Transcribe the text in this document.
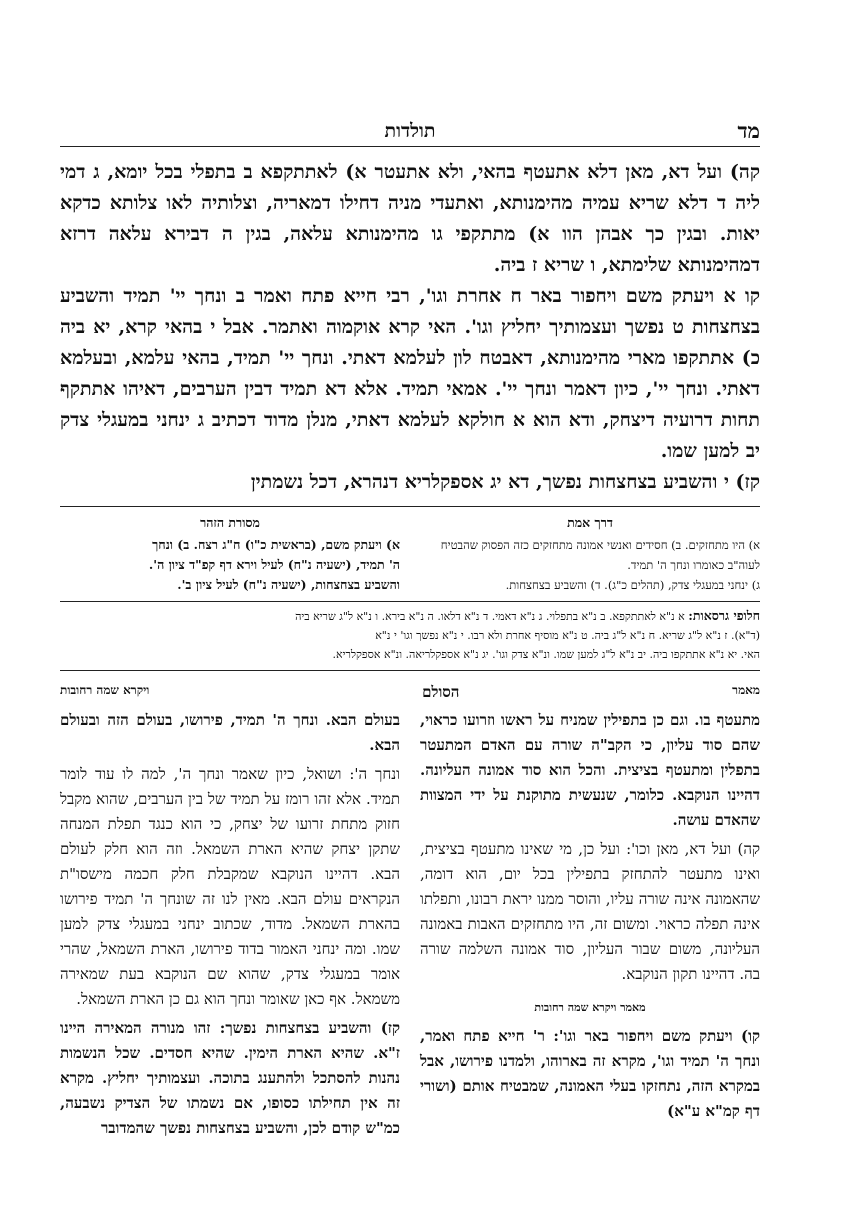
מד
תולדות

קה) ועל דא, מאן דלא אתעטף בהאי, ולא אתעטר א) לאתתקפא ב בתפלי בכל יומא, ג דמי ליה ד דלא שריא עמיה מהימנותא, ואתעדי מניה דחילו דמאריה, וצלותיה לאו צלותא כדקא יאות. ובגין כך אבהן הוו א) מתתקפי גו מהימנותא עלאה, בגין ה דבירא עלאה דרזא דמהימנותא שלימתא, ו שריא ז ביה.

קו א ויעתק משם ויחפור באר ח אחרת וגו', רבי חייא פתח ואמר ב ונחך יי' תמיד והשביע בצחצחות ט נפשך ועצמותיך יחליץ וגו'. האי קרא אוקמוה ואתמר. אבל י בהאי קרא, יא ביה כ) אתתקפו מארי מהימנותא, דאבטח לון לעלמא דאתי. ונחך יי' תמיד, בהאי עלמא, ובעלמא דאתי. ונחך יי', כיון דאמר ונחך יי'. אמאי תמיד. אלא דא תמיד דבין הערבים, דאיהו אתתקף תחות דרועיה דיצחק, ודא הוא א חולקא לעלמא דאתי, מנלן מדוד דכתיב ג ינחני במעגלי צדק יב למען שמו.

קז) י והשביע בצחצחות נפשך, דא יג אספקלריא דנהרא, דכל נשמתין

דרך אמת
א) היו מתחזקים. ב) חסידים ואנשי אמונה מתחזקים כזה הפסוק שהבטיח לעוה"ב כאומרו ונחך ה' תמיד.
ג) ינחני במעגלי צדק, (תהלים כ"ג). ד) והשביע בצחצחות.
מסורת הזהר
א) ויעתק משם, (בראשית כ"ו) ח"ג רצח. ב) ונחך
ה' תמיד, (ישעיה נ"ח) לעיל וירא דף קפ"ד ציון ה'.
והשביע בצחצחות, (ישעיה נ"ח) לעיל ציון ב'.
חלופי גרסאות: א נ"א לאתתקפא. ב נ"א בתפלוי. ג נ"א דאמי. ד נ"א דלאו. ה נ"א בירא. ו נ"א ל"ג שריא ביה
(ד"א). ז נ"א ל"ג שריא. ח נ"א ל"ג ביה. ט נ"א מוסיף אחרת ולא רבו. י נ"א נפשך וגו' י נ"א
האי. יא נ"א אתתקפו ביה. יב נ"א ל"ג למען שמו. ונ"א צדק וגו'. יג נ"א אספקלריאה. ונ"א אספקלריא.
מאמר
הסולם
ויקרא שמה רחובות

מתעטף בו. וגם כן בתפילין שמניח על ראשו וזרועו כראוי, שהם סוד עליון, כי הקב"ה שורה עם האדם המתעטר בתפלין ומתעטף בציצית. והכל הוא סוד אמונה העליונה. דהיינו הנוקבא. כלומר, שנעשית מתוקנת על ידי המצוות שהאדם עושה.

קה) ועל דא, מאן וכו': ועל כן, מי שאינו מתעטף בציצית, ואינו מתעטר להתחזק בתפילין בכל יום, הוא דומה, שהאמונה אינה שורה עליו, והוסר ממנו יראת רבונו, ותפלתו אינה תפלה כראוי. ומשום זה, היו מתחזקים האבות באמונה העליונה, משום שבור העליון, סוד אמונה השלמה שורה בה. דהיינו תקון הנוקבא.

מאמר ויקרא שמה רחובות

קו) ויעתק משם ויחפור באר וגו': ר' חייא פתח ואמר, ונחך ה' תמיד וגו', מקרא זה בארוהו, ולמדנו פירושו, אבל במקרא הזה, נתחזקו בעלי האמונה, שמבטיח אותם (ושורי דף קמ"א ע"א)

בעולם הבא. ונחך ה' תמיד, פירושו, בעולם הזה ובעולם הבא.

ונחך ה': ושואל, כיון שאמר ונחך ה', למה לו עוד לומר תמיד. אלא זהו רומז על תמיד של בין הערבים, שהוא מקבל חזוק מתחת זרועו של יצחק, כי הוא כנגד תפלת המנחה שתקן יצחק שהיא הארת השמאל. וזה הוא חלק לעולם הבא. דהיינו הנוקבא שמקבלת חלק חכמה מישסו"ת הנקראים עולם הבא. מאין לנו זה שונחך ה' תמיד פירושו בהארת השמאל. מדוד, שכתוב ינחני במעגלי צדק למען שמו. ומה ינחני האמור בדוד פירושו, הארת השמאל, שהרי אומר במעגלי צדק, שהוא שם הנוקבא בעת שמאירה משמאל. אף כאן שאומר ונחך הוא גם כן הארת השמאל.

קז) והשביע בצחצחות נפשך: זהו מנורה המאירה היינו ז"א. שהיא הארת הימין. שהיא חסדים. שכל הנשמות נהנות להסתכל ולהתענג בתוכה. ועצמותיך יחליץ. מקרא זה אין תחילתו כסופו, אם נשמתו של הצדיק נשבעה, כמ"ש קודם לכן, והשביע בצחצחות נפשך שהמדובר
